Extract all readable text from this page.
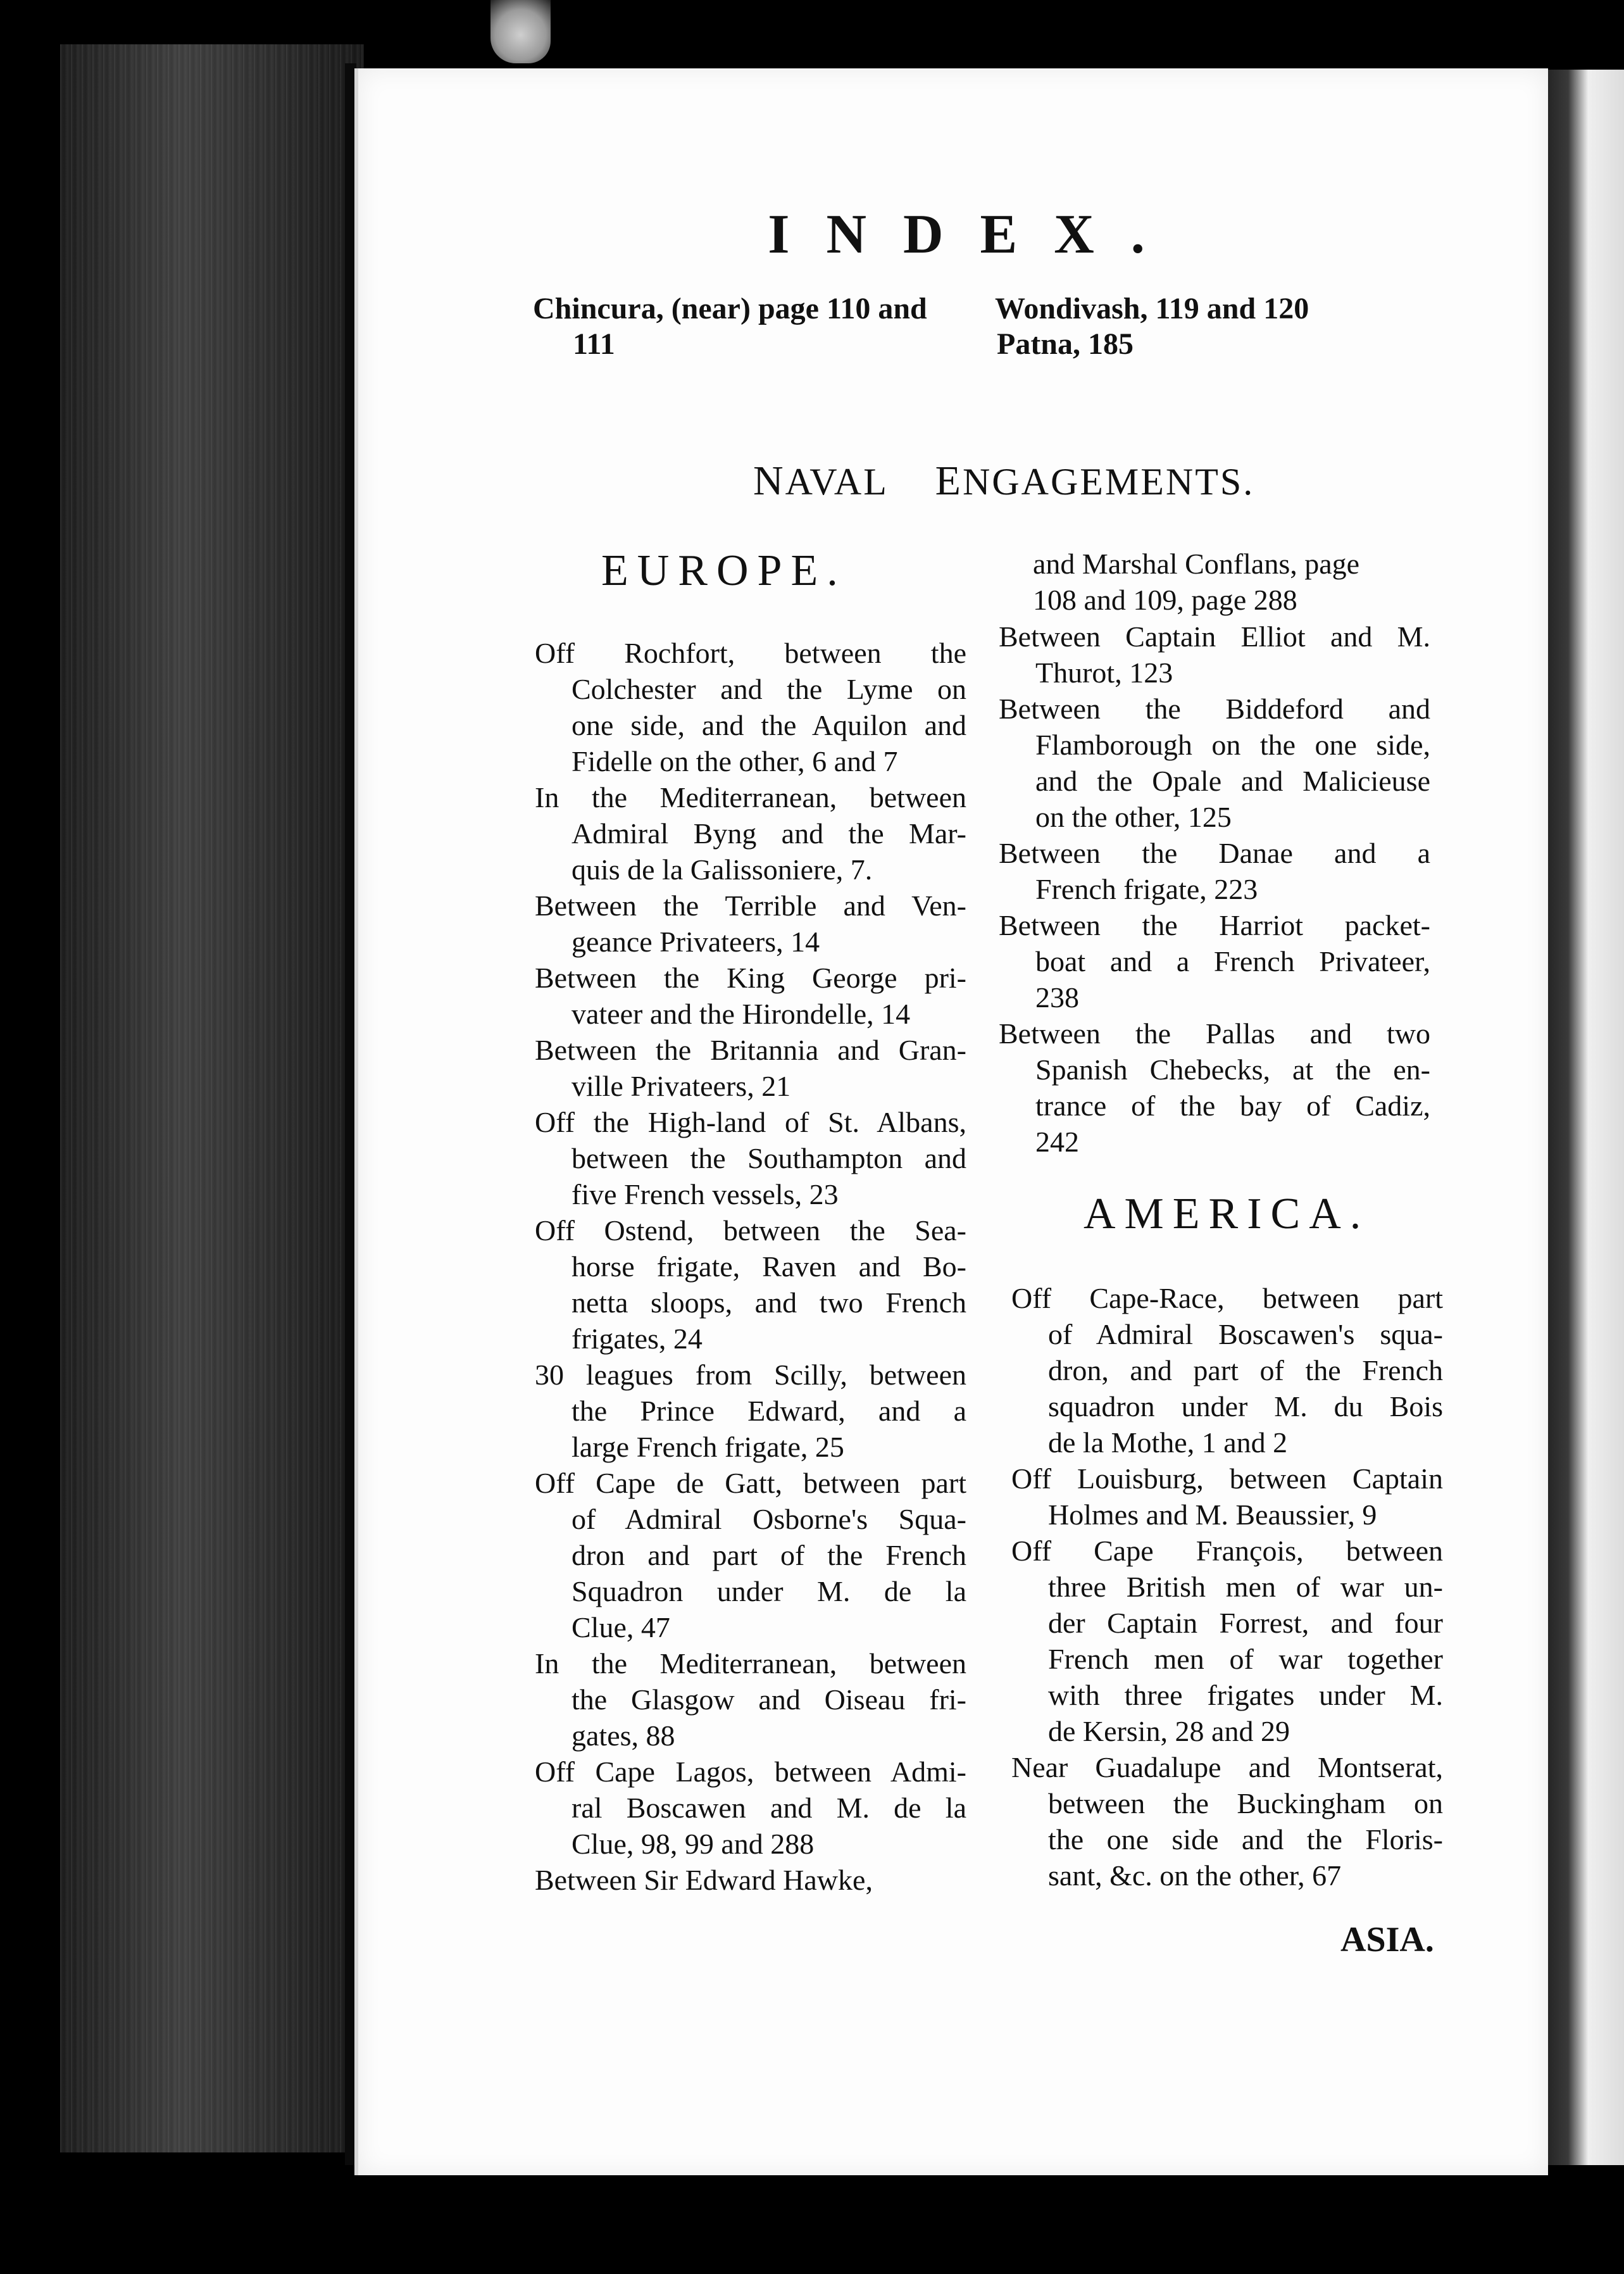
INDEX.
Chincura, (near) page 110 and
111
Wondivash, 119 and 120
Patna, 185
NAVAL ENGAGEMENTS.
EUROPE.
Off Rochfort, between the
Colchester and the Lyme on
one side, and the Aquilon and
Fidelle on the other, 6 and 7
In the Mediterranean, between
Admiral Byng and the Mar-
quis de la Galissoniere, 7.
Between the Terrible and Ven-
geance Privateers, 14
Between the King George pri-
vateer and the Hirondelle, 14
Between the Britannia and Gran-
ville Privateers, 21
Off the High-land of St. Albans,
between the Southampton and
five French vessels, 23
Off Ostend, between the Sea-
horse frigate, Raven and Bo-
netta sloops, and two French
frigates, 24
30 leagues from Scilly, between
the Prince Edward, and a
large French frigate, 25
Off Cape de Gatt, between part
of Admiral Osborne's Squa-
dron and part of the French
Squadron under M. de la
Clue, 47
In the Mediterranean, between
the Glasgow and Oiseau fri-
gates, 88
Off Cape Lagos, between Admi-
ral Boscawen and M. de la
Clue, 98, 99 and 288
Between Sir Edward Hawke,
and Marshal Conflans, page
108 and 109, page 288
Between Captain Elliot and M.
Thurot, 123
Between the Biddeford and
Flamborough on the one side,
and the Opale and Malicieuse
on the other, 125
Between the Danae and a
French frigate, 223
Between the Harriot packet-
boat and a French Privateer,
238
Between the Pallas and two
Spanish Chebecks, at the en-
trance of the bay of Cadiz,
242
AMERICA.
Off Cape-Race, between part
of Admiral Boscawen's squa-
dron, and part of the French
squadron under M. du Bois
de la Mothe, 1 and 2
Off Louisburg, between Captain
Holmes and M. Beaussier, 9
Off Cape François, between
three British men of war un-
der Captain Forrest, and four
French men of war together
with three frigates under M.
de Kersin, 28 and 29
Near Guadalupe and Montserat,
between the Buckingham on
the one side and the Floris-
sant, &c. on the other, 67
ASIA.
